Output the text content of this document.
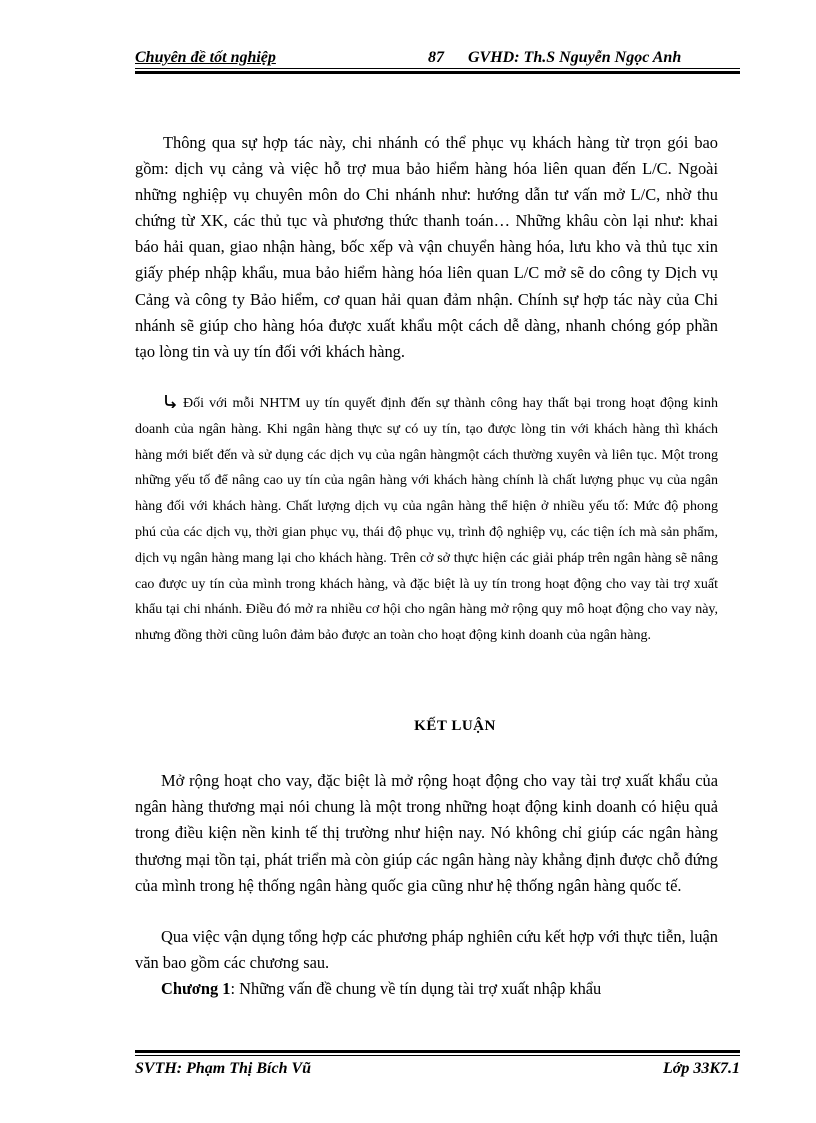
Chuyên đề tốt nghiệp	87 GVHD: Th.S Nguyễn Ngọc Anh

Thông qua sự hợp tác này, chi nhánh có thể phục vụ khách hàng từ trọn gói bao gồm: dịch vụ cảng và việc hỗ trợ mua bảo hiểm hàng hóa liên quan đến L/C. Ngoài những nghiệp vụ chuyên môn do Chi nhánh như: hướng dẫn tư vấn mở L/C, nhờ thu chứng từ XK, các thủ tục và phương thức thanh toán… Những khâu còn lại như: khai báo hải quan, giao nhận hàng, bốc xếp và vận chuyển hàng hóa, lưu kho và thủ tục xin giấy phép nhập khẩu, mua bảo hiểm hàng hóa liên quan L/C mở sẽ do công ty Dịch vụ Cảng và công ty Bảo hiểm, cơ quan hải quan đảm nhận. Chính sự hợp tác này của Chi nhánh sẽ giúp cho hàng hóa được xuất khẩu một cách dễ dàng, nhanh chóng góp phần tạo lòng tin và uy tín đối với khách hàng.

Đối với mỗi NHTM uy tín quyết định đến sự thành công hay thất bại trong hoạt động kinh doanh của ngân hàng. Khi ngân hàng thực sự có uy tín, tạo được lòng tin với khách hàng thì khách hàng mới biết đến và sử dụng các dịch vụ của ngân hàngmột cách thường xuyên và liên tục. Một trong những yếu tố để nâng cao uy tín của ngân hàng với khách hàng chính là chất lượng phục vụ của ngân hàng đối với khách hàng. Chất lượng dịch vụ của ngân hàng thể hiện ở nhiều yếu tố: Mức độ phong phú của các dịch vụ, thời gian phục vụ, thái độ phục vụ, trình độ nghiệp vụ, các tiện ích mà sản phẩm, dịch vụ ngân hàng mang lại cho khách hàng. Trên cở sở thực hiện các giải pháp trên ngân hàng sẽ nâng cao được uy tín của mình trong khách hàng, và đặc biệt là uy tín trong hoạt động cho vay tài trợ xuất khẩu tại chi nhánh. Điều đó mở ra nhiều cơ hội cho ngân hàng mở rộng quy mô hoạt động cho vay này, nhưng đồng thời cũng luôn đảm bảo được an toàn cho hoạt động kinh doanh của ngân hàng.

KẾT LUẬN

Mở rộng hoạt cho vay, đặc biệt là mở rộng hoạt động cho vay tài trợ xuất khẩu của ngân hàng thương mại nói chung là một trong những hoạt động kinh doanh có hiệu quả trong điều kiện nền kinh tế thị trường như hiện nay. Nó không chỉ giúp các ngân hàng thương mại tồn tại, phát triển mà còn giúp các ngân hàng này khẳng định được chỗ đứng của mình trong hệ thống ngân hàng quốc gia cũng như hệ thống ngân hàng quốc tế.

Qua việc vận dụng tổng hợp các phương pháp nghiên cứu kết hợp với thực tiễn, luận văn bao gồm các chương sau.

Chương 1: Những vấn đề chung về tín dụng tài trợ xuất nhập khẩu

SVTH: Phạm Thị Bích Vũ	Lớp 33K7.1
